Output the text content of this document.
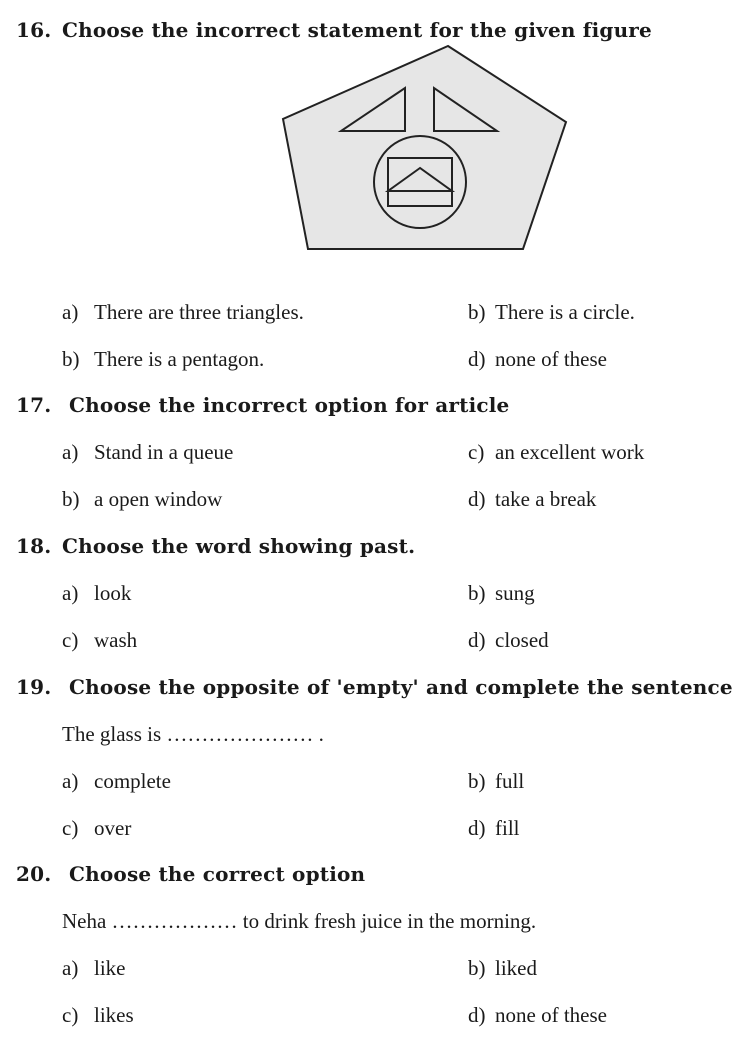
16. Choose the incorrect statement for the given figure
a) There are three triangles.	b) There is a circle.
b) There is a pentagon.	d) none of these
17. Choose the incorrect option for article
a) Stand in a queue	c) an excellent work
b) a open window	d) take a break
18. Choose the word showing past.
a) look	b) sung
c) wash	d) closed
19. Choose the opposite of 'empty' and complete the sentence
The glass is ………………… .
a) complete	b) full
c) over	d) fill
20. Choose the correct option
Neha ……………… to drink fresh juice in the morning.
a) like	b) liked
c) likes	d) none of these
